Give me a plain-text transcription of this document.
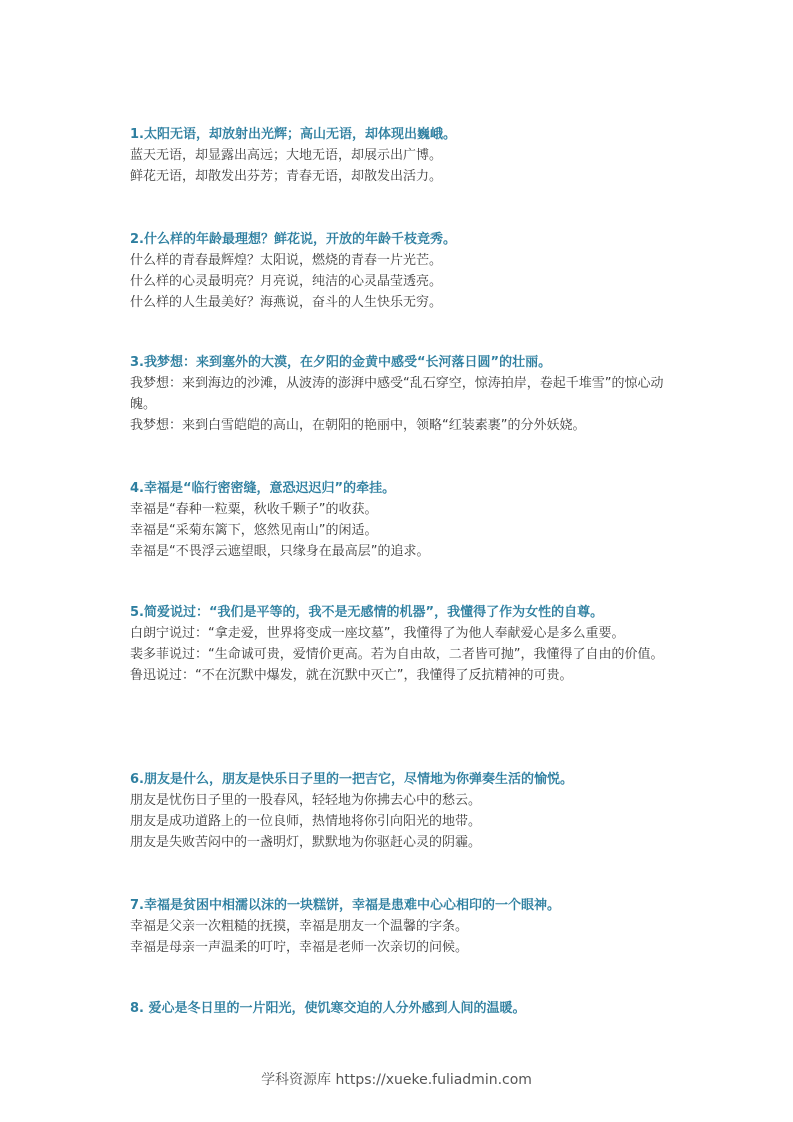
1.太阳无语，却放射出光辉；高山无语，却体现出巍峨。
蓝天无语，却显露出高远；大地无语，却展示出广博。
鲜花无语，却散发出芬芳；青春无语，却散发出活力。
2.什么样的年龄最理想？鲜花说，开放的年龄千枝竞秀。
什么样的青春最辉煌？太阳说，燃烧的青春一片光芒。
什么样的心灵最明亮？月亮说，纯洁的心灵晶莹透亮。
什么样的人生最美好？海燕说，奋斗的人生快乐无穷。
3.我梦想：来到塞外的大漠，在夕阳的金黄中感受“长河落日圆”的壮丽。
我梦想：来到海边的沙滩，从波涛的澎湃中感受“乱石穿空，惊涛拍岸，卷起千堆雪”的惊心动魄。
我梦想：来到白雪皑皑的高山，在朝阳的艳丽中，领略“红装素裹”的分外妖娆。
4.幸福是“临行密密缝，意恐迟迟归”的牵挂。
幸福是“春种一粒粟，秋收千颗子”的收获。
幸福是“采菊东篱下，悠然见南山”的闲适。
幸福是“不畏浮云遮望眼，只缘身在最高层”的追求。
5.简爱说过：“我们是平等的，我不是无感情的机器”，我懂得了作为女性的自尊。
白朗宁说过：“拿走爱，世界将变成一座坟墓”，我懂得了为他人奉献爱心是多么重要。
裴多菲说过：“生命诚可贵，爱情价更高。若为自由故，二者皆可抛”，我懂得了自由的价值。
鲁迅说过：“不在沉默中爆发，就在沉默中灭亡”，我懂得了反抗精神的可贵。
6.朋友是什么，朋友是快乐日子里的一把吉它，尽情地为你弹奏生活的愉悦。
朋友是忧伤日子里的一股春风，轻轻地为你拂去心中的愁云。
朋友是成功道路上的一位良师，热情地将你引向阳光的地带。
朋友是失败苦闷中的一盏明灯，默默地为你驱赶心灵的阴霾。
7.幸福是贫困中相濡以沫的一块糕饼，幸福是患难中心心相印的一个眼神。
幸福是父亲一次粗糙的抚摸，幸福是朋友一个温馨的字条。
幸福是母亲一声温柔的叮咛，幸福是老师一次亲切的问候。
8. 爱心是冬日里的一片阳光，使饥寒交迫的人分外感到人间的温暖。
学科资源库 https://xueke.fuliadmin.com
